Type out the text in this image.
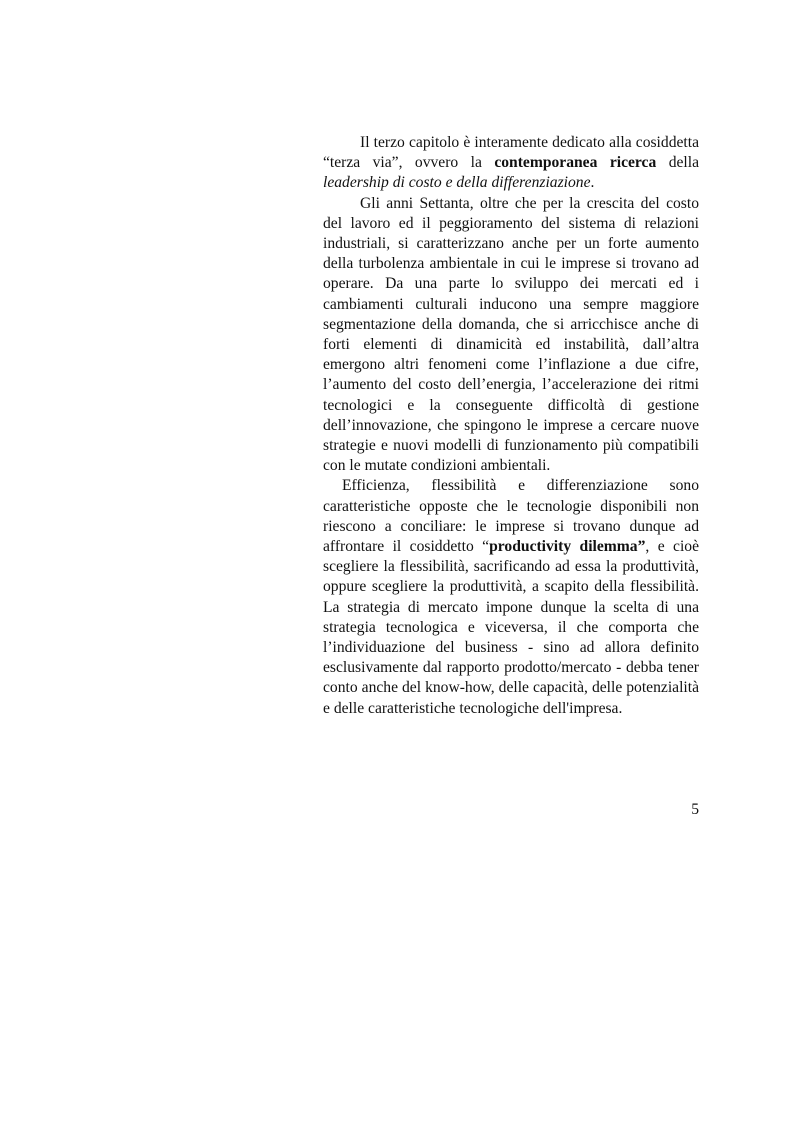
Il terzo capitolo è interamente dedicato alla cosiddetta “terza via”, ovvero la contemporanea ricerca della leadership di costo e della differenziazione.

Gli anni Settanta, oltre che per la crescita del costo del lavoro ed il peggioramento del sistema di relazioni industriali, si caratterizzano anche per un forte aumento della turbolenza ambientale in cui le imprese si trovano ad operare. Da una parte lo sviluppo dei mercati ed i cambiamenti culturali inducono una sempre maggiore segmentazione della domanda, che si arricchisce anche di forti elementi di dinamicità ed instabilità, dall’altra emergono altri fenomeni come l’inflazione a due cifre, l’aumento del costo dell’energia, l’accelerazione dei ritmi tecnologici e la conseguente difficoltà di gestione dell’innovazione, che spingono le imprese a cercare nuove strategie e nuovi modelli di funzionamento più compatibili con le mutate condizioni ambientali.

Efficienza, flessibilità e differenziazione sono caratteristiche opposte che le tecnologie disponibili non riescono a conciliare: le imprese si trovano dunque ad affrontare il cosiddetto “productivity dilemma”, e cioè scegliere la flessibilità, sacrificando ad essa la produttività, oppure scegliere la produttività, a scapito della flessibilità. La strategia di mercato impone dunque la scelta di una strategia tecnologica e viceversa, il che comporta che l’individuazione del business - sino ad allora definito esclusivamente dal rapporto prodotto/mercato - debba tener conto anche del know-how, delle capacità, delle potenzialità e delle caratteristiche tecnologiche dell'impresa.

5
